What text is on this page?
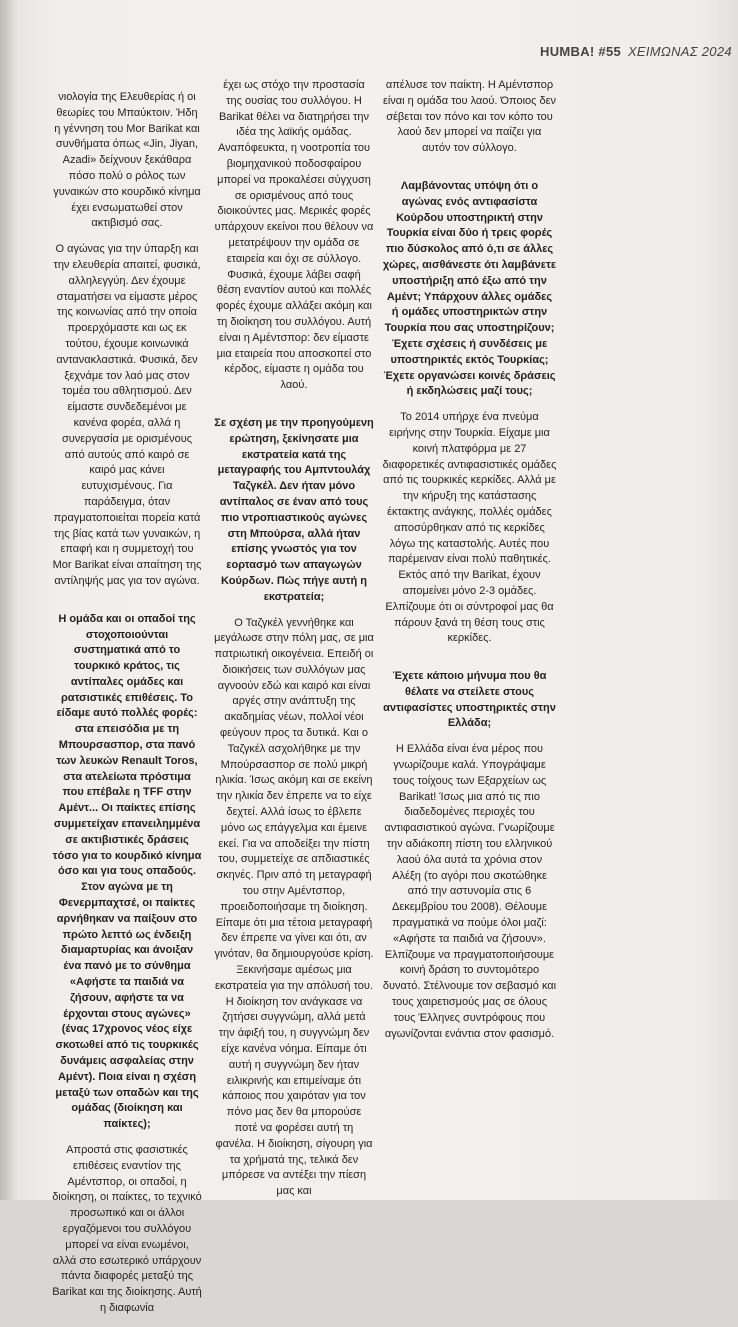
HUMBA! #55 ΧΕΙΜΩΝΑΣ 2024

νιολογία της Ελευθερίας ή οι θεωρίες του Μπαύκτοιν. Ήδη η γέννηση του Mor Barikat και συνθήματα όπως «Jin, Jiyan, Azadi» δείχνουν ξεκάθαρα πόσο πολύ ο ρόλος των γυναικών στο κουρδικό κίνημα έχει ενσωματωθεί στον ακτιβισμό σας.

Ο αγώνας για την ύπαρξη και την ελευθερία απαιτεί, φυσικά, αλληλεγγύη. Δεν έχουμε σταματήσει να είμαστε μέρος της κοινωνίας από την οποία προερχόμαστε και ως εκ τούτου, έχουμε κοινωνικά αντανακλαστικά. Φυσικά, δεν ξεχνάμε τον λαό μας στον τομέα του αθλητισμού. Δεν είμαστε συνδεδεμένοι με κανένα φορέα, αλλά η συνεργασία με ορισμένους από αυτούς από καιρό σε καιρό μας κάνει ευτυχισμένους. Για παράδειγμα, όταν πραγματοποιείται πορεία κατά της βίας κατά των γυναικών, η επαφή και η συμμετοχή του Mor Barikat είναι απαίτηση της αντίληψής μας για τον αγώνα.

Η ομάδα και οι οπαδοί της στοχοποιούνται συστηματικά από το τουρκικό κράτος, τις αντίπαλες ομάδες και ρατσιστικές επιθέσεις. Το είδαμε αυτό πολλές φορές: στα επεισόδια με τη Μπουρσασπορ, στα πανό των λευκών Renault Toros, στα ατελείωτα πρόστιμα που επέβαλε η TFF στην Αμέντ... Οι παίκτες επίσης συμμετείχαν επανειλημμένα σε ακτιβιστικές δράσεις τόσο για το κουρδικό κίνημα όσο και για τους οπαδούς. Στον αγώνα με τη Φενερμπαχτσέ, οι παίκτες αρνήθηκαν να παίξουν στο πρώτο λεπτό ως ένδειξη διαμαρτυρίας και άνοιξαν ένα πανό με το σύνθημα «Αφήστε τα παιδιά να ζήσουν, αφήστε τα να έρχονται στους αγώνες» (ένας 17χρονος νέος είχε σκοτωθεί από τις τουρκικές δυνάμεις ασφαλείας στην Αμέντ). Ποια είναι η σχέση μεταξύ των οπαδών και της ομάδας (διοίκηση και παίκτες);

Απροστά στις φασιστικές επιθέσεις εναντίον της Αμέντσπορ, οι οπαδοί, η διοίκηση, οι παίκτες, το τεχνικό προσωπικό και οι άλλοι εργαζόμενοι του συλλόγου μπορεί να είναι ενωμένοι, αλλά στο εσωτερικό υπάρχουν πάντα διαφορές μεταξύ της Barikat και της διοίκησης. Αυτή η διαφωνία

έχει ως στόχο την προστασία της ουσίας του συλλόγου. Η Barikat θέλει να διατηρήσει την ιδέα της λαϊκής ομάδας. Αναπόφευκτα, η νοοτροπία του βιομηχανικού ποδοσφαίρου μπορεί να προκαλέσει σύγχυση σε ορισμένους από τους διοικούντες μας. Μερικές φορές υπάρχουν εκείνοι που θέλουν να μετατρέψουν την ομάδα σε εταιρεία και όχι σε σύλλογο. Φυσικά, έχουμε λάβει σαφή θέση εναντίον αυτού και πολλές φορές έχουμε αλλάξει ακόμη και τη διοίκηση του συλλόγου. Αυτή είναι η Αμέντσπορ: δεν είμαστε μια εταιρεία που αποσκοπεί στο κέρδος, είμαστε η ομάδα του λαού.

Σε σχέση με την προηγούμενη ερώτηση, ξεκίνησατε μια εκστρατεία κατά της μεταγραφής του Αμπντουλάχ Ταζγκέλ. Δεν ήταν μόνο αντίπαλος σε έναν από τους πιο ντροπιαστικούς αγώνες στη Μπούρσα, αλλά ήταν επίσης γνωστός για τον εορτασμό των απαγωγών Κούρδων. Πώς πήγε αυτή η εκστρατεία;

Ο Ταζγκέλ γεννήθηκε και μεγάλωσε στην πόλη μας, σε μια πατριωτική οικογένεια. Επειδή οι διοικήσεις των συλλόγων μας αγνοούν εδώ και καιρό και είναι αργές στην ανάπτυξη της ακαδημίας νέων, πολλοί νέοι φεύγουν προς τα δυτικά. Και ο Ταζγκέλ ασχολήθηκε με την Μπούρσασπορ σε πολύ μικρή ηλικία. Ίσως ακόμη και σε εκείνη την ηλικία δεν έπρεπε να το είχε δεχτεί. Αλλά ίσως το έβλεπε μόνο ως επάγγελμα και έμεινε εκεί. Για να αποδείξει την πίστη του, συμμετείχε σε απδιαστικές σκηνές. Πριν από τη μεταγραφή του στην Αμέντσπορ, προειδοποιήσαμε τη διοίκηση. Είπαμε ότι μια τέτοια μεταγραφή δεν έπρεπε να γίνει και ότι, αν γινόταν, θα δημιουργούσε κρίση. Ξεκινήσαμε αμέσως μια εκστρατεία για την απόλυσή του. Η διοίκηση τον ανάγκασε να ζητήσει συγγνώμη, αλλά μετά την άφιξή του, η συγγνώμη δεν είχε κανένα νόημα. Είπαμε ότι αυτή η συγγνώμη δεν ήταν ειλικρινής και επιμείναμε ότι κάποιος που χαιρόταν για τον πόνο μας δεν θα μπορούσε ποτέ να φορέσει αυτή τη φανέλα. Η διοίκηση, σίγουρη για τα χρήματά της, τελικά δεν μπόρεσε να αντέξει την πίεση μας και

απέλυσε τον παίκτη. Η Αμέντσπορ είναι η ομάδα του λαού. Όποιος δεν σέβεται τον πόνο και τον κόπο του λαού δεν μπορεί να παίζει για αυτόν τον σύλλογο.

Λαμβάνοντας υπόψη ότι ο αγώνας ενός αντιφασίστα Κούρδου υποστηρικτή στην Τουρκία είναι δύο ή τρεις φορές πιο δύσκολος από ό,τι σε άλλες χώρες, αισθάνεστε ότι λαμβάνετε υποστήριξη από έξω από την Αμέντ; Υπάρχουν άλλες ομάδες ή ομάδες υποστηρικτών στην Τουρκία που σας υποστηρίζουν; Έχετε σχέσεις ή συνδέσεις με υποστηρικτές εκτός Τουρκίας; Έχετε οργανώσει κοινές δράσεις ή εκδηλώσεις μαζί τους;

Το 2014 υπήρχε ένα πνεύμα ειρήνης στην Τουρκία. Είχαμε μια κοινή πλατφόρμα με 27 διαφορετικές αντιφασιστικές ομάδες από τις τουρκικές κερκίδες. Αλλά με την κήρυξη της κατάστασης έκτακτης ανάγκης, πολλές ομάδες αποσύρθηκαν από τις κερκίδες λόγω της καταστολής. Αυτές που παρέμειναν είναι πολύ παθητικές. Εκτός από την Barikat, έχουν απομείνει μόνο 2-3 ομάδες. Ελπίζουμε ότι οι σύντροφοί μας θα πάρουν ξανά τη θέση τους στις κερκίδες.

Έχετε κάποιο μήνυμα που θα θέλατε να στείλετε στους αντιφασίστες υποστηρικτές στην Ελλάδα;

Η Ελλάδα είναι ένα μέρος που γνωρίζουμε καλά. Υπογράψαμε τους τοίχους των Εξαρχείων ως Barikat! Ίσως μια από τις πιο διαδεδομένες περιοχές του αντιφασιστικού αγώνα. Γνωρίζουμε την αδιάκοπη πίστη του ελληνικού λαού όλα αυτά τα χρόνια στον Αλέξη (το αγόρι που σκοτώθηκε από την αστυνομία στις 6 Δεκεμβρίου του 2008). Θέλουμε πραγματικά να πούμε όλοι μαζί: «Αφήστε τα παιδιά να ζήσουν». Ελπίζουμε να πραγματοποιήσουμε κοινή δράση το συντομότερο δυνατό. Στέλνουμε τον σεβασμό και τους χαιρετισμούς μας σε όλους τους Έλληνες συντρόφους που αγωνίζονται ενάντια στον φασισμό.
